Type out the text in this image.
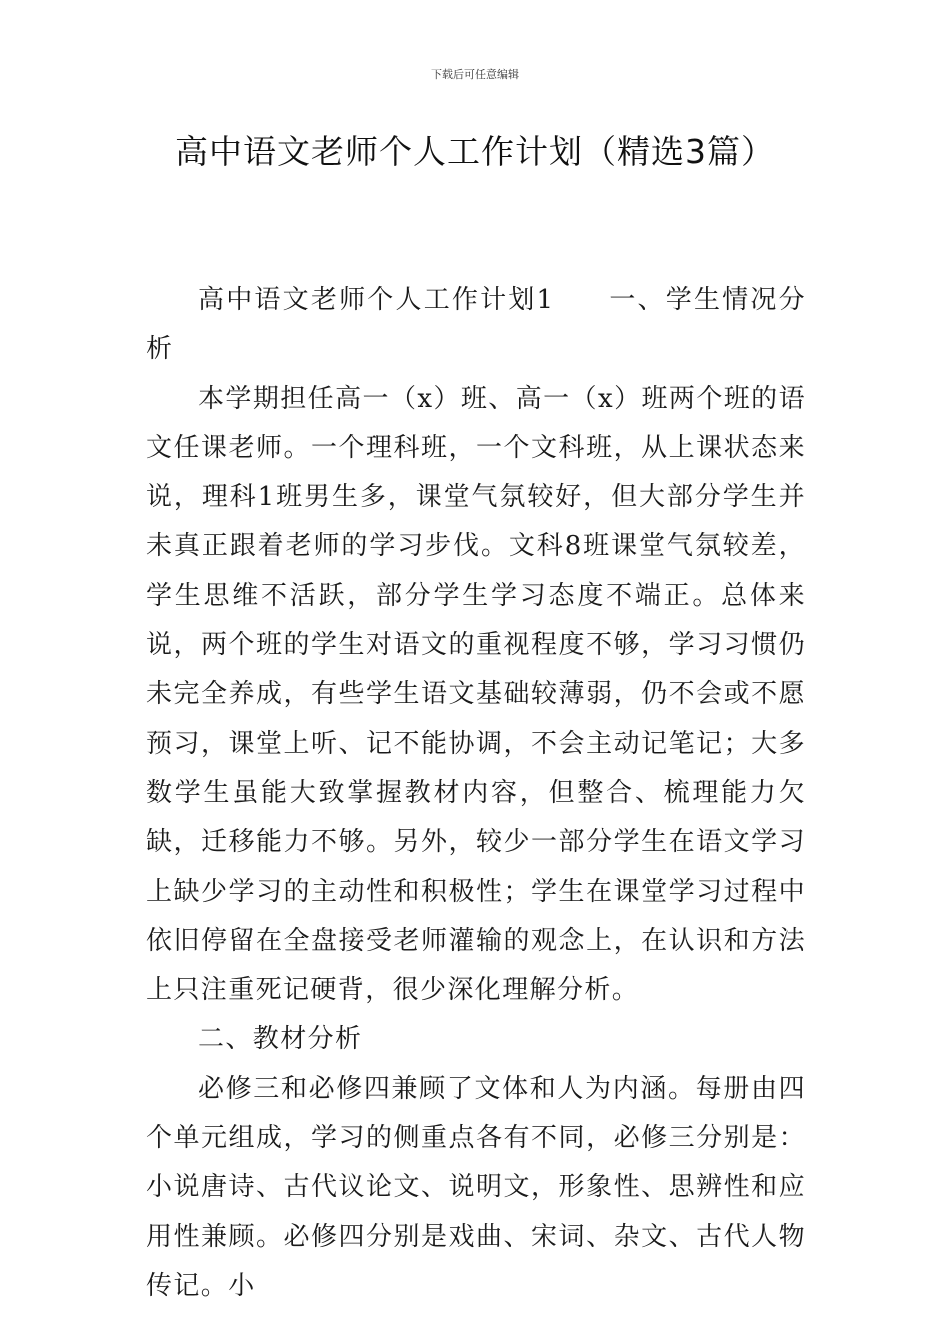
下载后可任意编辑
高中语文老师个人工作计划（精选3篇）

高中语文老师个人工作计划1 一、学生情况分析

本学期担任高一（x）班、高一（x）班两个班的语文任课老师。一个理科班，一个文科班，从上课状态来说，理科1班男生多，课堂气氛较好，但大部分学生并未真正跟着老师的学习步伐。文科8班课堂气氛较差，学生思维不活跃，部分学生学习态度不端正。总体来说，两个班的学生对语文的重视程度不够，学习习惯仍未完全养成，有些学生语文基础较薄弱，仍不会或不愿预习，课堂上听、记不能协调，不会主动记笔记；大多数学生虽能大致掌握教材内容，但整合、梳理能力欠缺，迁移能力不够。另外，较少一部分学生在语文学习上缺少学习的主动性和积极性；学生在课堂学习过程中依旧停留在全盘接受老师灌输的观念上，在认识和方法上只注重死记硬背，很少深化理解分析。

二、教材分析

必修三和必修四兼顾了文体和人为内涵。每册由四个单元组成，学习的侧重点各有不同，必修三分别是：小说唐诗、古代议论文、说明文，形象性、思辨性和应用性兼顾。必修四分别是戏曲、宋词、杂文、古代人物传记。小
